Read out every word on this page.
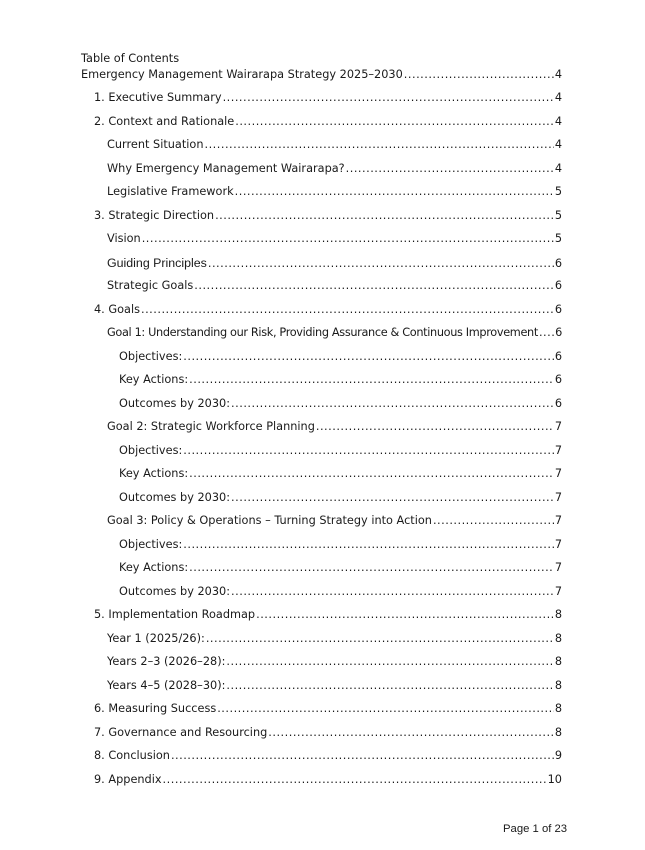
Table of Contents
Emergency Management Wairarapa Strategy 2025–2030 .....	4
1. Executive Summary .....	4
2. Context and Rationale .....	4
Current Situation .....	4
Why Emergency Management Wairarapa? .....	4
Legislative Framework .....	5
3. Strategic Direction .....	5
Vision .....	5
Guiding Principles .....	6
Strategic Goals .....	6
4. Goals .....	6
Goal 1: Understanding our Risk, Providing Assurance & Continuous Improvement ..... 6
Objectives: .....	6
Key Actions: .....	6
Outcomes by 2030: .....	6
Goal 2: Strategic Workforce Planning .....	7
Objectives: .....	7
Key Actions: .....	7
Outcomes by 2030: .....	7
Goal 3: Policy & Operations – Turning Strategy into Action .....	7
Objectives: .....	7
Key Actions: .....	7
Outcomes by 2030: .....	7
5. Implementation Roadmap .....	8
Year 1 (2025/26): .....	8
Years 2–3 (2026–28): .....	8
Years 4–5 (2028–30): .....	8
6. Measuring Success .....	8
7. Governance and Resourcing .....	8
8. Conclusion .....	9
9. Appendix .....	10
Page 1 of 23
